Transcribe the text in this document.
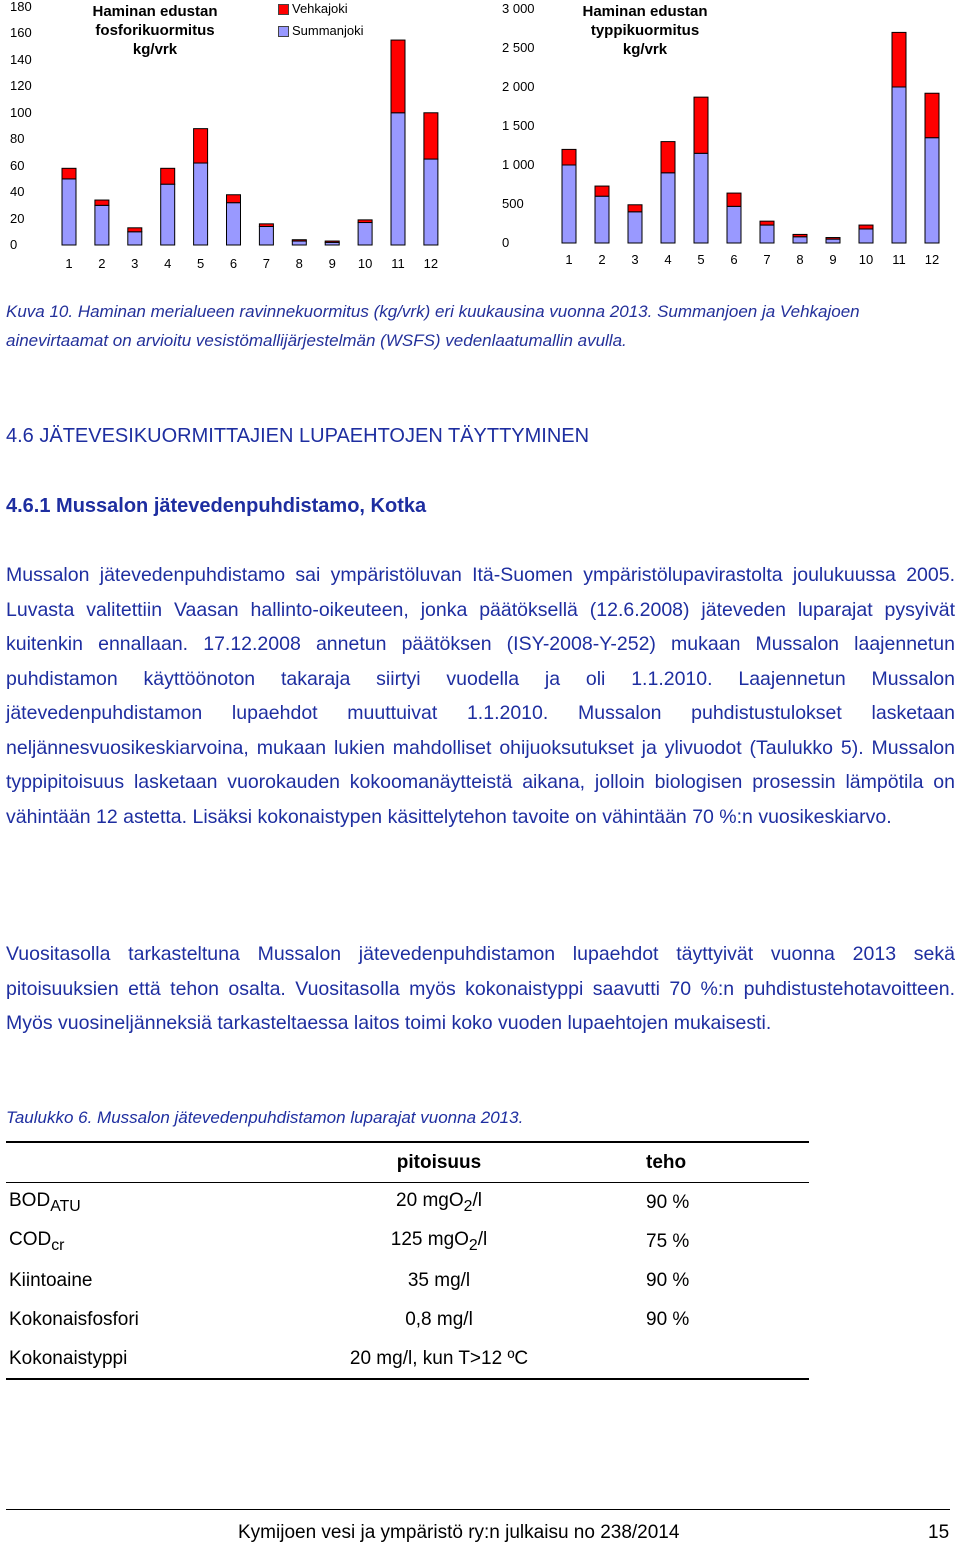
0
20
40
60
80
100
120
140
160
180
1	2	3	4	5	6	7	8	9	10	11	12
Haminan edustan fosforikuormitus kg/vrk
Vehkajoki
Summanjoki
0
500
1 000
1 500
2 000
2 500
3 000
1	2	3	4	5	6	7	8	9	10	11	12
Haminan edustan typpikuormitus kg/vrk
Kuva 10. Haminan merialueen ravinnekuormitus (kg/vrk) eri kuukausina vuonna 2013. Summanjoen ja Vehkajoen ainevirtaamat on arvioitu vesistömallijärjestelmän (WSFS) vedenlaatumallin avulla.
4.6 JÄTEVESIKUORMITTAJIEN LUPAEHTOJEN TÄYTTYMINEN
4.6.1 Mussalon jätevedenpuhdistamo, Kotka

Mussalon jätevedenpuhdistamo sai ympäristöluvan Itä-Suomen ympäristölupavirastolta joulukuussa 2005. Luvasta valitettiin Vaasan hallinto-oikeuteen, jonka päätöksellä (12.6.2008) jäteveden luparajat pysyivät kuitenkin ennallaan. 17.12.2008 annetun päätöksen (ISY-2008-Y-252) mukaan Mussalon laajennetun puhdistamon käyttöönoton takaraja siirtyi vuodella ja oli 1.1.2010. Laajennetun Mussalon jätevedenpuhdistamon lupaehdot muuttuivat 1.1.2010. Mussalon puhdistustulokset lasketaan neljännesvuosikeskiarvoina, mukaan lukien mahdolliset ohijuoksutukset ja ylivuodot (Taulukko 5). Mussalon typpipitoisuus lasketaan vuorokauden kokoomanäytteistä aikana, jolloin biologisen prosessin lämpötila on vähintään 12 astetta. Lisäksi kokonaistypen käsittelytehon tavoite on vähintään 70 %:n vuosikeskiarvo.

Vuositasolla tarkasteltuna Mussalon jätevedenpuhdistamon lupaehdot täyttyivät vuonna 2013 sekä pitoisuuksien että tehon osalta. Vuositasolla myös kokonaistyppi saavutti 70 %:n puhdistustehotavoitteen. Myös vuosineljänneksiä tarkasteltaessa laitos toimi koko vuoden lupaehtojen mukaisesti.

Taulukko 6. Mussalon jätevedenpuhdistamon luparajat vuonna 2013.
	pitoisuus	teho
$BOD_{ATU}$	20 mgO$_2$/l	90 %
$COD_{cr}$	125 mgO$_2$/l	75 %
Kiintoaine	35 mg/l	90 %
Kokonaisfosfori	0,8 mg/l	90 %
Kokonaistyppi	20 mg/l, kun T>12 ºC	
Kymijoen vesi ja ympäristö ry:n julkaisu no 238/2014	15
